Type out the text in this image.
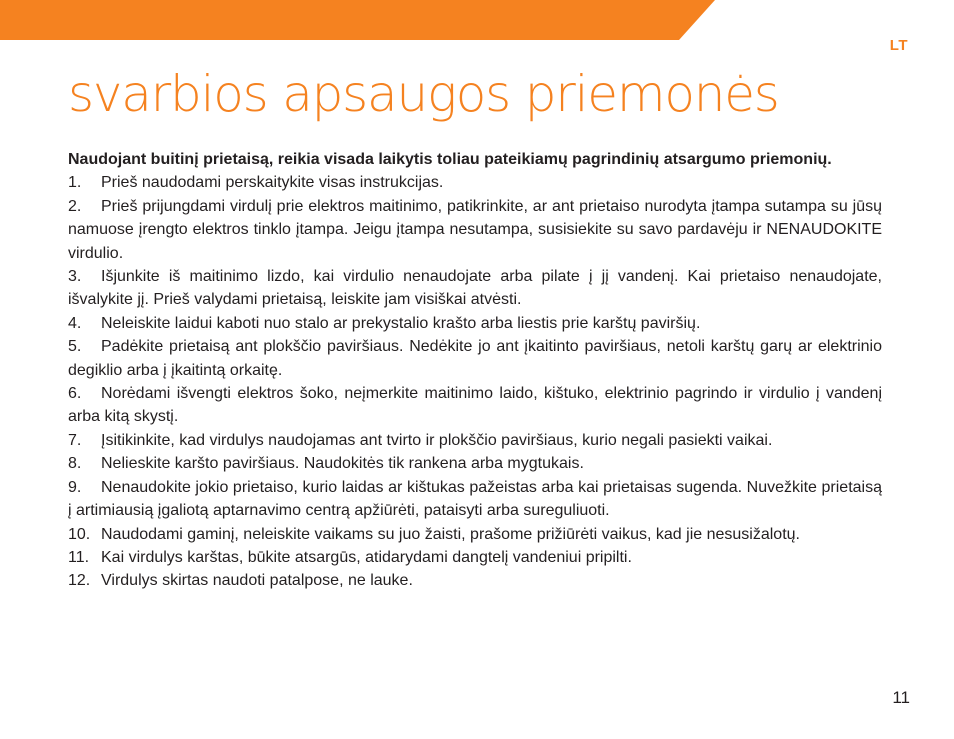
LT
svarbios apsaugos priemonės

Naudojant buitinį prietaisą, reikia visada laikytis toliau pateikiamų pagrindinių atsargumo priemonių.

1. Prieš naudodami perskaitykite visas instrukcijas.
2. Prieš prijungdami virdulį prie elektros maitinimo, patikrinkite, ar ant prietaiso nurodyta įtampa sutampa su jūsų namuose įrengto elektros tinklo įtampa. Jeigu įtampa nesutampa, susisiekite su savo pardavėju ir NENAUDOKITE virdulio.
3. Išjunkite iš maitinimo lizdo, kai virdulio nenaudojate arba pilate į jį vandenį. Kai prietaiso nenaudojate, išvalykite jį. Prieš valydami prietaisą, leiskite jam visiškai atvėsti.
4. Neleiskite laidui kaboti nuo stalo ar prekystalio krašto arba liestis prie karštų paviršių.
5. Padėkite prietaisą ant plokščio paviršiaus. Nedėkite jo ant įkaitinto paviršiaus, netoli karštų garų ar elektrinio degiklio arba į įkaitintą orkaitę.
6. Norėdami išvengti elektros šoko, neįmerkite maitinimo laido, kištuko, elektrinio pagrindo ir virdulio į vandenį arba kitą skystį.
7. Įsitikinkite, kad virdulys naudojamas ant tvirto ir plokščio paviršiaus, kurio negali pasiekti vaikai.
8. Nelieskite karšto paviršiaus. Naudokitės tik rankena arba mygtukais.
9. Nenaudokite jokio prietaiso, kurio laidas ar kištukas pažeistas arba kai prietaisas sugenda. Nuvežkite prietaisą į artimiausią įgaliotą aptarnavimo centrą apžiūrėti, pataisyti arba sureguliuoti.
10. Naudodami gaminį, neleiskite vaikams su juo žaisti, prašome prižiūrėti vaikus, kad jie nesusižalotų.
11. Kai virdulys karštas, būkite atsargūs, atidarydami dangtelį vandeniui pripilti.
12. Virdulys skirtas naudoti patalpose, ne lauke.
11
